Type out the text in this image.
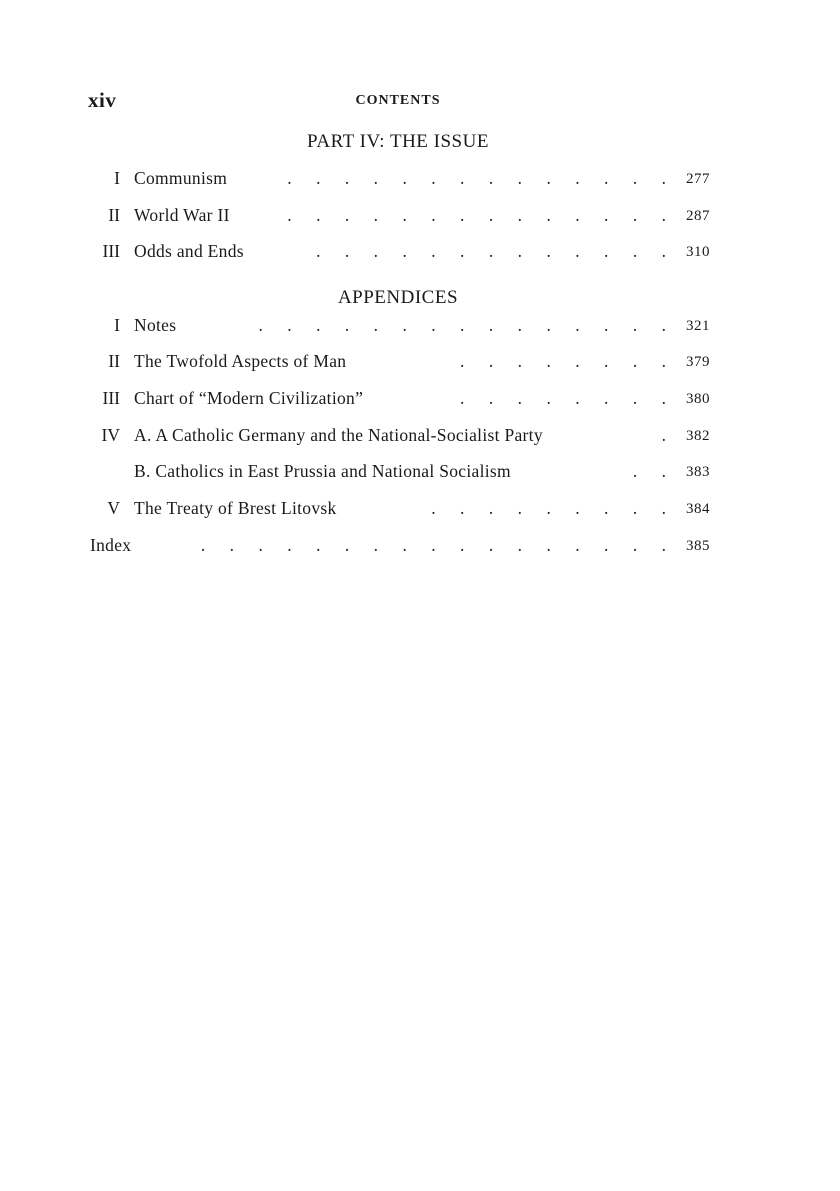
xiv	CONTENTS
PART IV: THE ISSUE
I Communism	..............	277
II World War II	..............	287
III Odds and Ends	.............	310
APPENDICES
I Notes	...............	321
II The Twofold Aspects of Man	........	379
III Chart of “Modern Civilization”	........	380
IV A. A Catholic Germany and the National-Socialist Party	.	382
B. Catholics in East Prussia and National Socialism	..	383
V The Treaty of Brest Litovsk	.........	384
Index	.................	385
